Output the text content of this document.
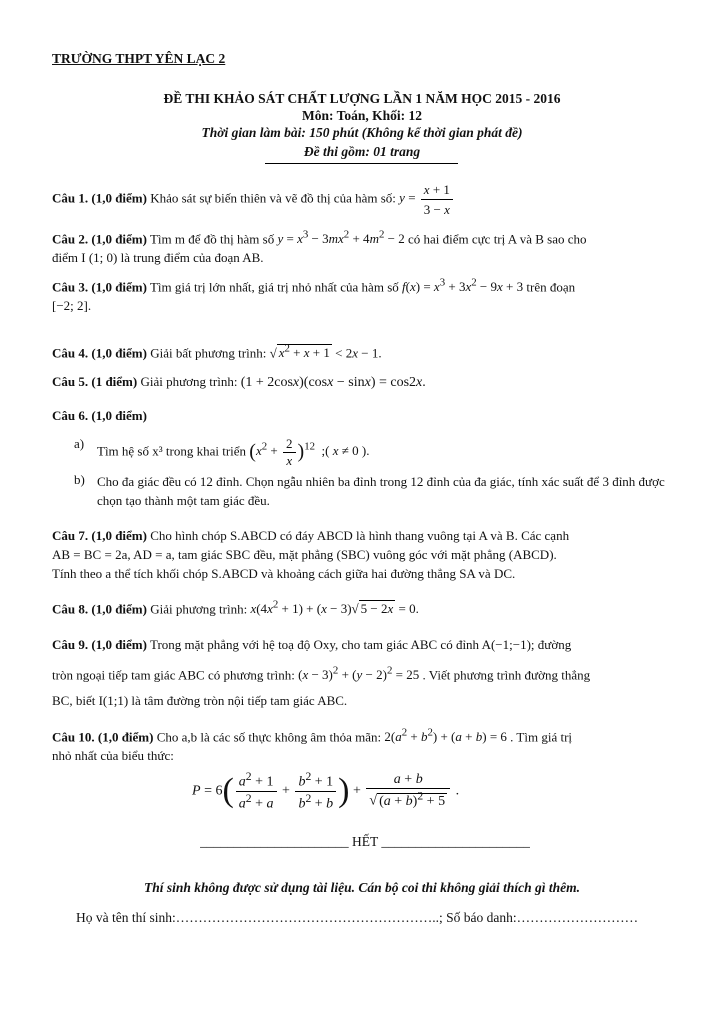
TRƯỜNG THPT YÊN LẠC 2
ĐỀ THI KHẢO SÁT CHẤT LƯỢNG LẦN 1 NĂM HỌC 2015 - 2016
Môn: Toán, Khối: 12
Thời gian làm bài: 150 phút (Không kể thời gian phát đề)
Đề thi gồm: 01 trang
Câu 1. (1,0 điểm) Khảo sát sự biến thiên và vẽ đồ thị của hàm số: $y = \frac{x + 1}{3 - x}$
Câu 2. (1,0 điểm) Tìm m để đồ thị hàm số $y = x^3 - 3mx^2 + 4m^2 - 2$ có hai điểm cực trị A và B sao cho
điểm I (1; 0) là trung điểm của đoạn AB.
Câu 3. (1,0 điểm) Tìm giá trị lớn nhất, giá trị nhỏ nhất của hàm số $f(x) = x^3 + 3x^2 - 9x + 3$ trên đoạn
[−2; 2].
Câu 4. (1,0 điểm) Giải bất phương trình: √ $x^2 + x + 1 < 2x - 1$.
Câu 5. (1 điểm) Giải phương trình: (1 + 2cosx)(cosx − sinx) = cos2x.
Câu 6. (1,0 điểm)
a) Tìm hệ số x³ trong khai triển $(x^2 + \frac{2}{x} )^{12}$  ;( x ≠ 0 ).
b) Cho đa giác đều có 12 đỉnh. Chọn ngẫu nhiên ba đỉnh trong 12 đỉnh của đa giác, tính xác suất để 3 đỉnh được chọn tạo thành một tam giác đều.
Câu 7. (1,0 điểm) Cho hình chóp S.ABCD có đáy ABCD là hình thang vuông tại A và B. Các cạnh
AB = BC = 2a, AD = a, tam giác SBC đều, mặt phẳng (SBC) vuông góc với mặt phẳng (ABCD).
Tính theo a thể tích khối chóp S.ABCD và khoảng cách giữa hai đường thẳng SA và DC.
Câu 8. (1,0 điểm) Giải phương trình: $x(4x^2 + 1) + (x - 3)√$ 5 − 2x = 0.
Câu 9. (1,0 điểm) Trong mặt phẳng với hệ toạ độ Oxy, cho tam giác ABC có đỉnh A(−1;−1); đường
tròn ngoại tiếp tam giác ABC có phương trình: $(x - 3)^2 + (y - 2)^2 = 25$ . Viết phương trình đường thẳng
BC, biết I(1;1) là tâm đường tròn nội tiếp tam giác ABC.
Câu 10. (1,0 điểm) Cho a,b là các số thực không âm thỏa mãn: $2(a^2 + b^2) + (a + b) = 6$ . Tìm giá trị
nhỏ nhất của biểu thức:
$P = 6( \frac{a^2 + 1}{a^2 + a} + \frac{b^2 + 1}{b^2 + b}$ ) + $\frac{a + b}{√ (a + b)^2 + 5}$ .
______________________ HẾT ______________________
Thí sinh không được sử dụng tài liệu. Cán bộ coi thi không giải thích gì thêm.
Họ và tên thí sinh:…………………………………………………..; Số báo danh:………………………
